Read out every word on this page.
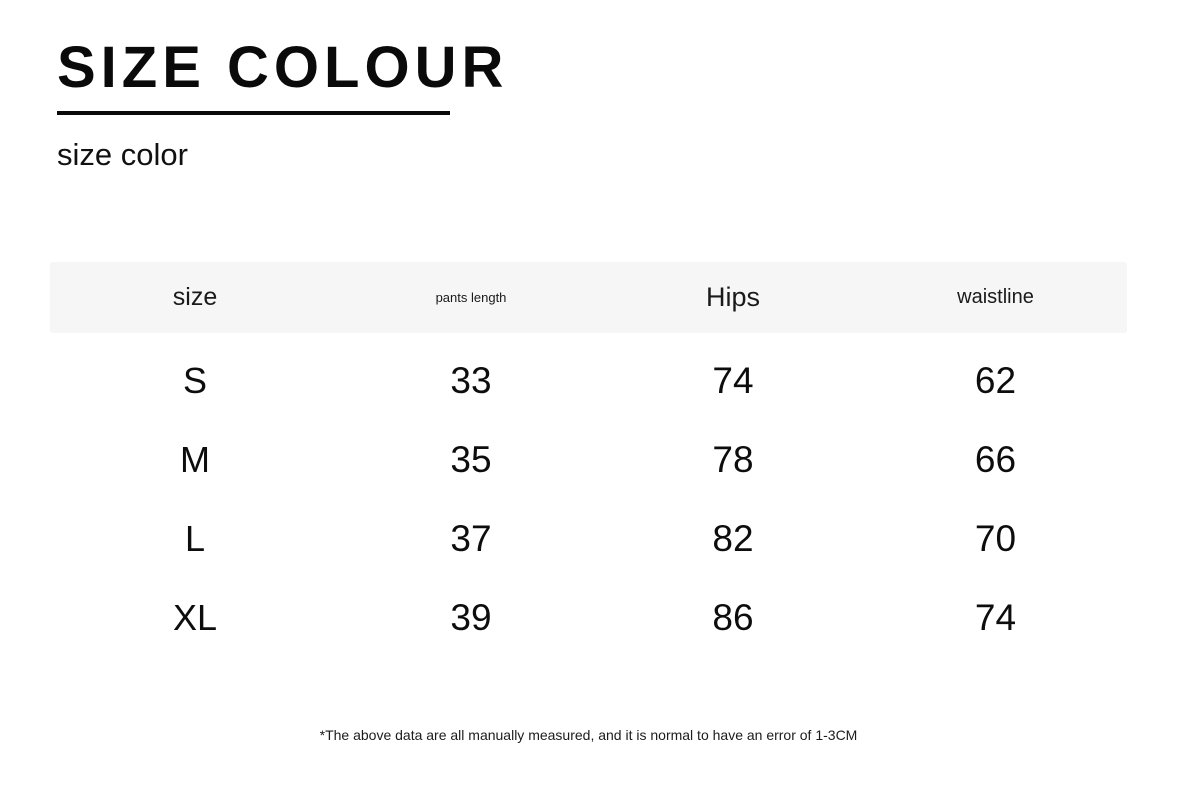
SIZE COLOUR
size color
size	pants length	Hips	waistline
S	33	74	62
M	35	78	66
L	37	82	70
XL	39	86	74
*The above data are all manually measured, and it is normal to have an error of 1-3CM
